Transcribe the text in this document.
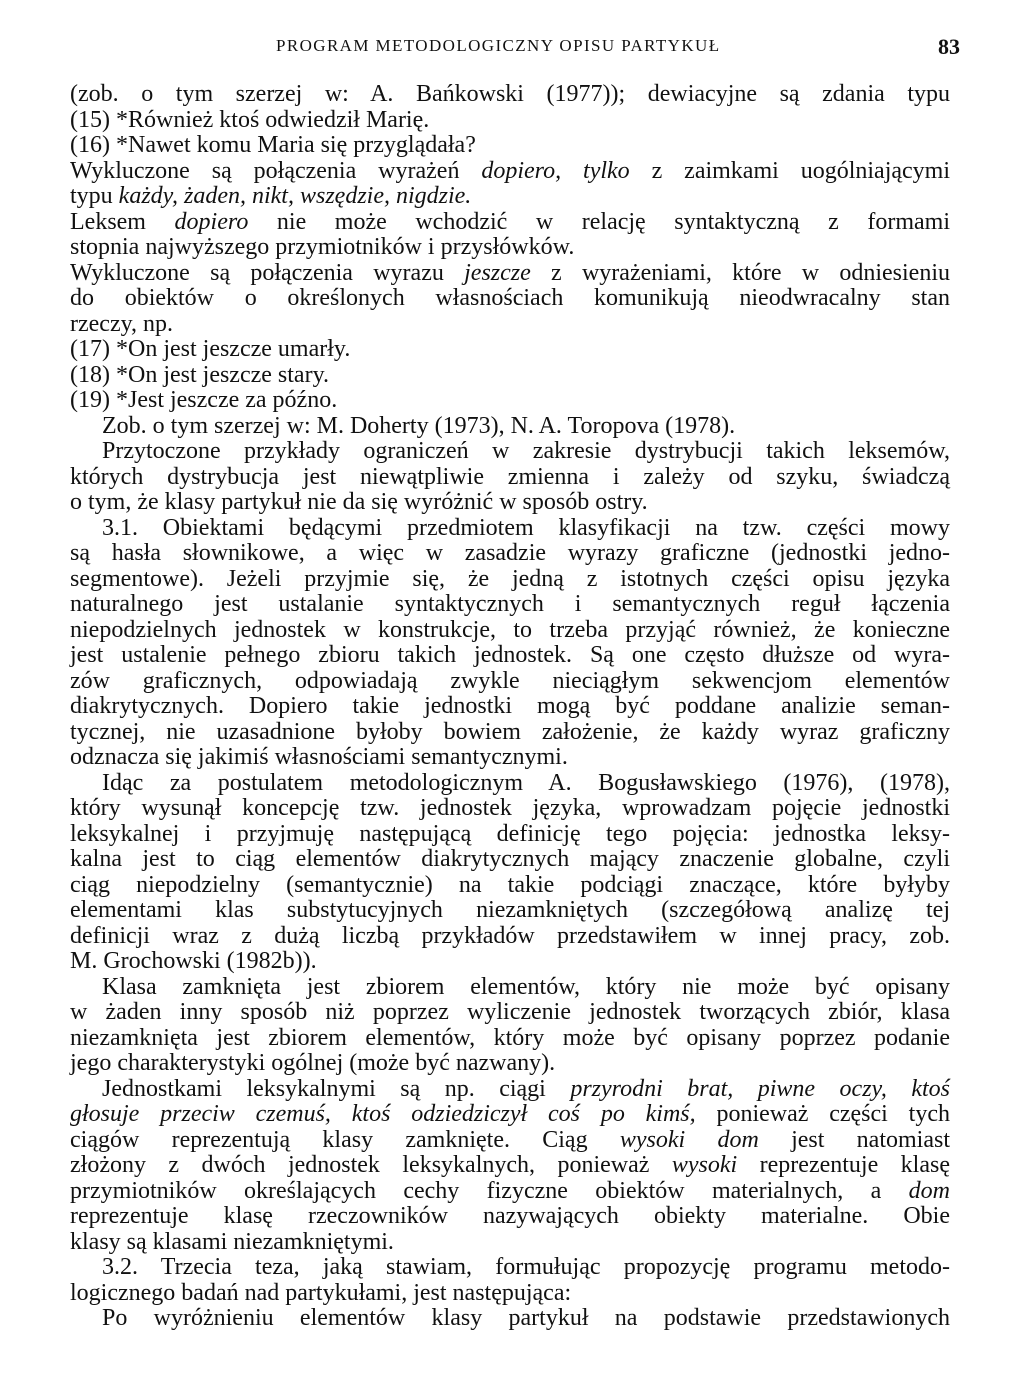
PROGRAM METODOLOGICZNY OPISU PARTYKUŁ	83
(zob. o tym szerzej w: A. Bańkowski (1977)); dewiacyjne są zdania typu
(15) *Również ktoś odwiedził Marię.
(16) *Nawet komu Maria się przyglądała?
Wykluczone są połączenia wyrażeń dopiero, tylko z zaimkami uogólniającymi
typu każdy, żaden, nikt, wszędzie, nigdzie.
Leksem dopiero nie może wchodzić w relację syntaktyczną z formami
stopnia najwyższego przymiotników i przysłówków.
Wykluczone są połączenia wyrazu jeszcze z wyrażeniami, które w odniesieniu
do obiektów o określonych własnościach komunikują nieodwracalny stan
rzeczy, np.
(17) *On jest jeszcze umarły.
(18) *On jest jeszcze stary.
(19) *Jest jeszcze za późno.
Zob. o tym szerzej w: M. Doherty (1973), N. A. Toropova (1978).
Przytoczone przykłady ograniczeń w zakresie dystrybucji takich leksemów,
których dystrybucja jest niewątpliwie zmienna i zależy od szyku, świadczą
o tym, że klasy partykuł nie da się wyróżnić w sposób ostry.
3.1. Obiektami będącymi przedmiotem klasyfikacji na tzw. części mowy
są hasła słownikowe, a więc w zasadzie wyrazy graficzne (jednostki jedno-
segmentowe). Jeżeli przyjmie się, że jedną z istotnych części opisu języka
naturalnego jest ustalanie syntaktycznych i semantycznych reguł łączenia
niepodzielnych jednostek w konstrukcje, to trzeba przyjąć również, że konieczne
jest ustalenie pełnego zbioru takich jednostek. Są one często dłuższe od wyra-
zów graficznych, odpowiadają zwykle nieciągłym sekwencjom elementów
diakrytycznych. Dopiero takie jednostki mogą być poddane analizie seman-
tycznej, nie uzasadnione byłoby bowiem założenie, że każdy wyraz graficzny
odznacza się jakimiś własnościami semantycznymi.
Idąc za postulatem metodologicznym A. Bogusławskiego (1976), (1978),
który wysunął koncepcję tzw. jednostek języka, wprowadzam pojęcie jednostki
leksykalnej i przyjmuję następującą definicję tego pojęcia: jednostka leksy-
kalna jest to ciąg elementów diakrytycznych mający znaczenie globalne, czyli
ciąg niepodzielny (semantycznie) na takie podciągi znaczące, które byłyby
elementami klas substytucyjnych niezamkniętych (szczegółową analizę tej
definicji wraz z dużą liczbą przykładów przedstawiłem w innej pracy, zob.
M. Grochowski (1982b)).
Klasa zamknięta jest zbiorem elementów, który nie może być opisany
w żaden inny sposób niż poprzez wyliczenie jednostek tworzących zbiór, klasa
niezamknięta jest zbiorem elementów, który może być opisany poprzez podanie
jego charakterystyki ogólnej (może być nazwany).
Jednostkami leksykalnymi są np. ciągi przyrodni brat, piwne oczy, ktoś
głosuje przeciw czemuś, ktoś odziedziczył coś po kimś, ponieważ części tych
ciągów reprezentują klasy zamknięte. Ciąg wysoki dom jest natomiast
złożony z dwóch jednostek leksykalnych, ponieważ wysoki reprezentuje klasę
przymiotników określających cechy fizyczne obiektów materialnych, a dom
reprezentuje klasę rzeczowników nazywających obiekty materialne. Obie
klasy są klasami niezamkniętymi.
3.2. Trzecia teza, jaką stawiam, formułując propozycję programu metodo-
logicznego badań nad partykułami, jest następująca:
Po wyróżnieniu elementów klasy partykuł na podstawie przedstawionych
